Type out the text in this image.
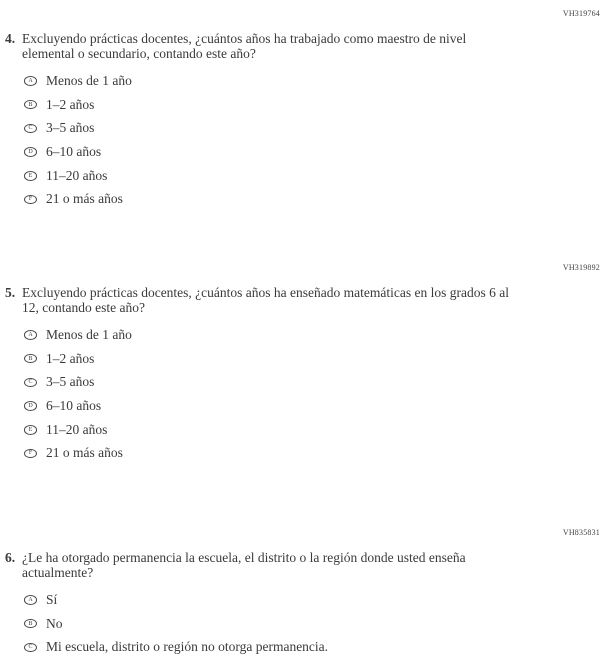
VH319764
4. Excluyendo prácticas docentes, ¿cuántos años ha trabajado como maestro de nivel elemental o secundario, contando este año?
A Menos de 1 año
B 1–2 años
C 3–5 años
D 6–10 años
E 11–20 años
F 21 o más años
VH319892
5. Excluyendo prácticas docentes, ¿cuántos años ha enseñado matemáticas en los grados 6 al 12, contando este año?
A Menos de 1 año
B 1–2 años
C 3–5 años
D 6–10 años
E 11–20 años
F 21 o más años
VH835831
6. ¿Le ha otorgado permanencia la escuela, el distrito o la región donde usted enseña actualmente?
A Sí
B No
C Mi escuela, distrito o región no otorga permanencia.
